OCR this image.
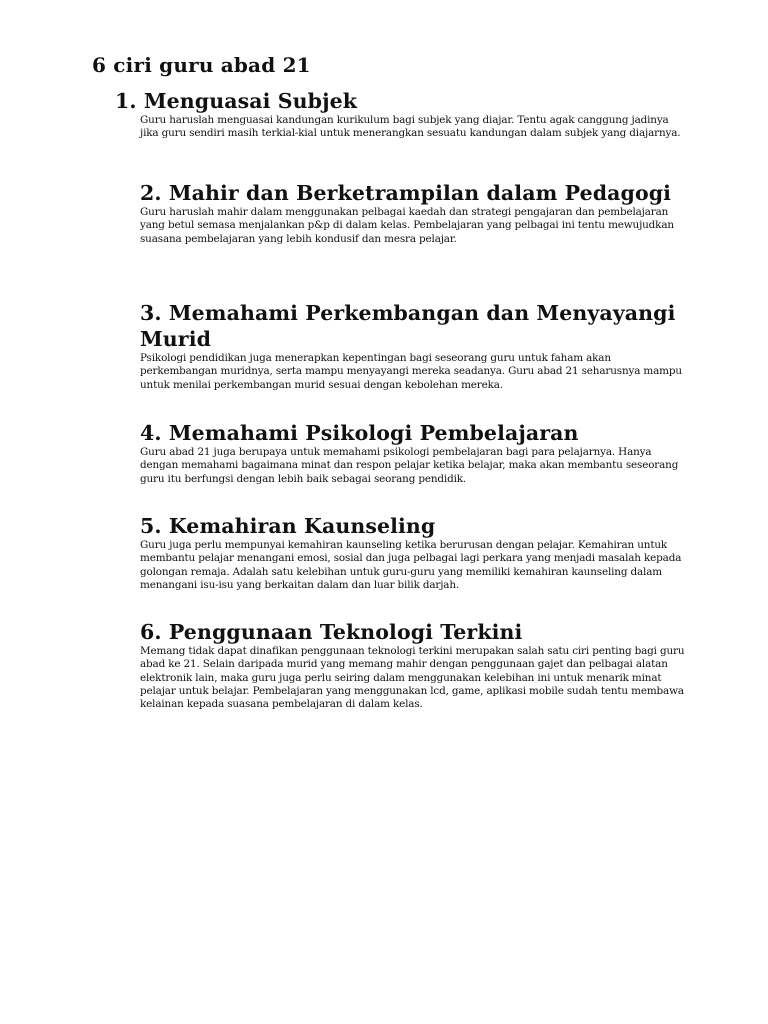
6 ciri guru abad 21
1. Menguasai Subjek

Guru haruslah menguasai kandungan kurikulum bagi subjek yang diajar. Tentu agak canggung jadinya jika guru sendiri masih terkial-kial untuk menerangkan sesuatu kandungan dalam subjek yang diajarnya.

2. Mahir dan Berketrampilan dalam Pedagogi

Guru haruslah mahir dalam menggunakan pelbagai kaedah dan strategi pengajaran dan pembelajaran yang betul semasa menjalankan p&p di dalam kelas. Pembelajaran yang pelbagai ini tentu mewujudkan suasana pembelajaran yang lebih kondusif dan mesra pelajar.

3. Memahami Perkembangan dan Menyayangi Murid

Psikologi pendidikan juga menerapkan kepentingan bagi seseorang guru untuk faham akan perkembangan muridnya, serta mampu menyayangi mereka seadanya. Guru abad 21 seharusnya mampu untuk menilai perkembangan murid sesuai dengan kebolehan mereka.

4. Memahami Psikologi Pembelajaran

Guru abad 21 juga berupaya untuk memahami psikologi pembelajaran bagi para pelajarnya. Hanya dengan memahami bagaimana minat dan respon pelajar ketika belajar, maka akan membantu seseorang guru itu berfungsi dengan lebih baik sebagai seorang pendidik.

5. Kemahiran Kaunseling

Guru juga perlu mempunyai kemahiran kaunseling ketika berurusan dengan pelajar. Kemahiran untuk membantu pelajar menangani emosi, sosial dan juga pelbagai lagi perkara yang menjadi masalah kepada golongan remaja. Adalah satu kelebihan untuk guru-guru yang memiliki kemahiran kaunseling dalam menangani isu-isu yang berkaitan dalam dan luar bilik darjah.

6. Penggunaan Teknologi Terkini

Memang tidak dapat dinafikan penggunaan teknologi terkini merupakan salah satu ciri penting bagi guru abad ke 21. Selain daripada murid yang memang mahir dengan penggunaan gajet dan pelbagai alatan elektronik lain, maka guru juga perlu seiring dalam menggunakan kelebihan ini untuk menarik minat pelajar untuk belajar. Pembelajaran yang menggunakan lcd, game, aplikasi mobile sudah tentu membawa kelainan kepada suasana pembelajaran di dalam kelas.
